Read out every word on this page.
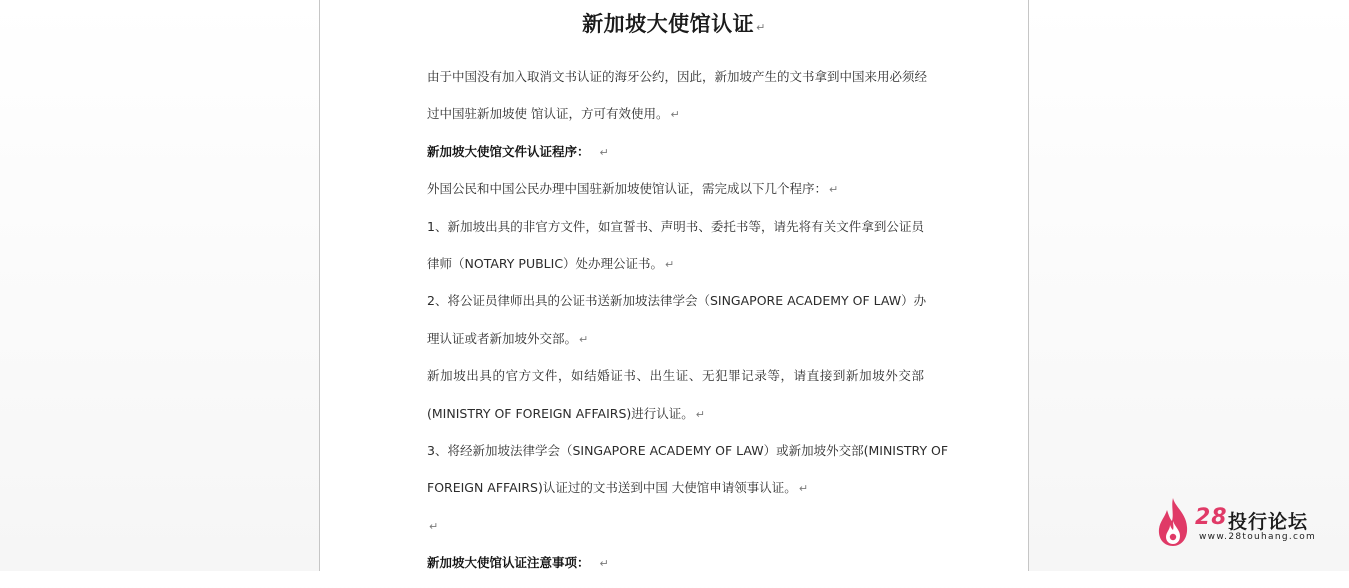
新加坡大使馆认证 ↵
由于中国没有加入取消文书认证的海牙公约，因此，新加坡产生的文书拿到中国来用必须经
过中国驻新加坡使 馆认证，方可有效使用。 ↵
新加坡大使馆文件认证程序： ↵
外国公民和中国公民办理中国驻新加坡使馆认证，需完成以下几个程序： ↵
1、新加坡出具的非官方文件，如宣誓书、声明书、委托书等，请先将有关文件拿到公证员
律师（NOTARY PUBLIC）处办理公证书。 ↵
2、将公证员律师出具的公证书送新加坡法律学会（SINGAPORE ACADEMY OF LAW）办
理认证或者新加坡外交部。 ↵
新加坡出具的官方文件，如结婚证书、出生证、无犯罪记录等，请直接到新加坡外交部
(MINISTRY OF FOREIGN AFFAIRS)进行认证。 ↵
3、将经新加坡法律学会（SINGAPORE ACADEMY OF LAW）或新加坡外交部(MINISTRY OF
FOREIGN AFFAIRS)认证过的文书送到中国 大使馆申请领事认证。 ↵
↵
新加坡大使馆认证注意事项： ↵
28 投行论坛
www.28touhang.com
